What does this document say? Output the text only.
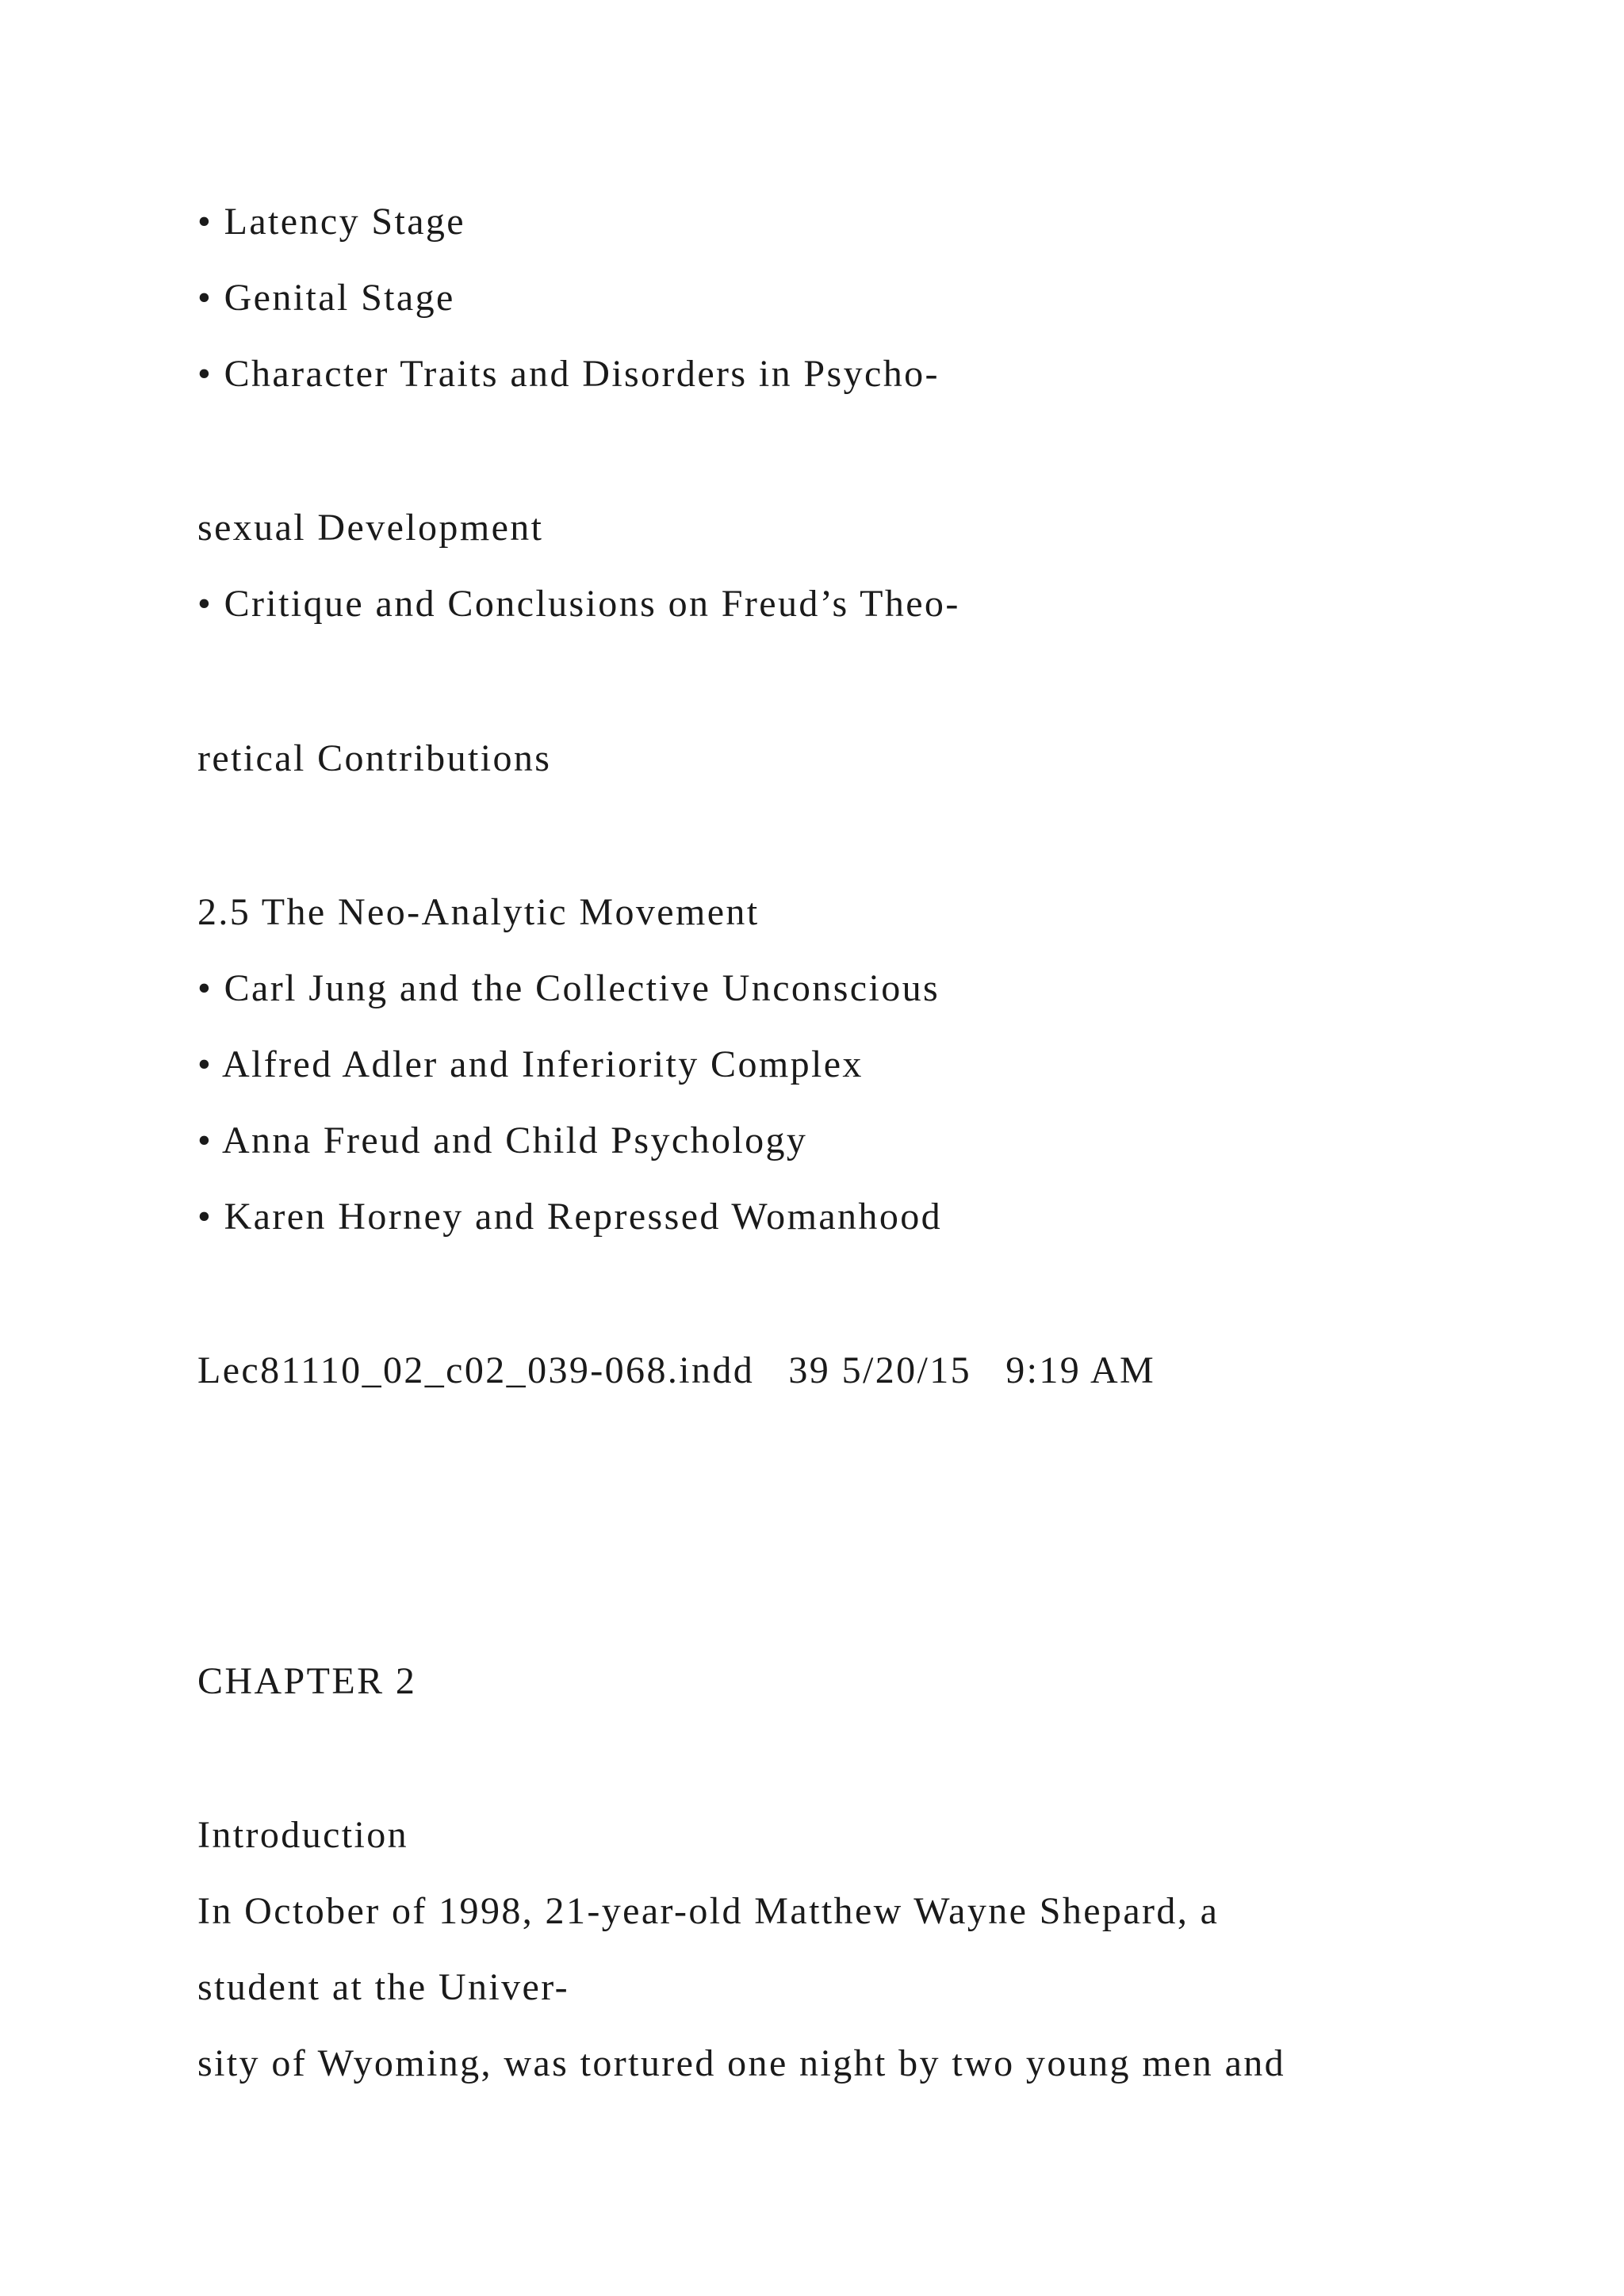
• Latency Stage

• Genital Stage

• Character Traits and Disorders in Psycho-

sexual Development

• Critique and Conclusions on Freud’s Theo-

retical Contributions

2.5 The Neo-Analytic Movement

• Carl Jung and the Collective Unconscious

• Alfred Adler and Inferiority Complex

• Anna Freud and Child Psychology

• Karen Horney and Repressed Womanhood

Lec81110_02_c02_039-068.indd   39 5/20/15   9:19 AM

CHAPTER 2

Introduction

In October of 1998, 21-year-old Matthew Wayne Shepard, a

student at the Univer-

sity of Wyoming, was tortured one night by two young men and
